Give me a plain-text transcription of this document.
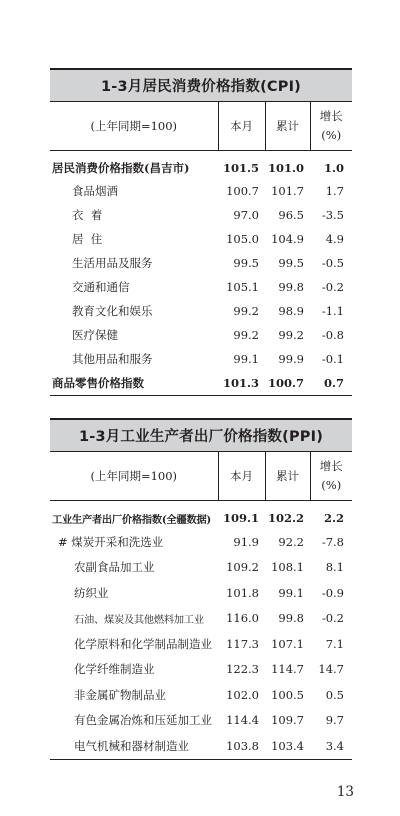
1-3月居民消费价格指数(CPI)
(上年同期=100)	本月	累计	增长
(%)
居民消费价格指数(昌吉市)	101.5	101.0	1.0
食品烟酒	100.7	101.7	1.7
衣  着	97.0	96.5	-3.5
居  住	105.0	104.9	4.9
生活用品及服务	99.5	99.5	-0.5
交通和通信	105.1	99.8	-0.2
教育文化和娱乐	99.2	98.9	-1.1
医疗保健	99.2	99.2	-0.8
其他用品和服务	99.1	99.9	-0.1
商品零售价格指数	101.3	100.7	0.7
1-3月工业生产者出厂价格指数(PPI)
(上年同期=100)	本月	累计	增长
(%)
工业生产者出厂价格指数(全疆数据)	109.1	102.2	2.2
# 煤炭开采和洗选业	91.9	92.2	-7.8
农副食品加工业	109.2	108.1	8.1
纺织业	101.8	99.1	-0.9
石油、煤炭及其他燃料加工业	116.0	99.8	-0.2
化学原料和化学制品制造业	117.3	107.1	7.1
化学纤维制造业	122.3	114.7	14.7
非金属矿物制品业	102.0	100.5	0.5
有色金属冶炼和压延加工业	114.4	109.7	9.7
电气机械和器材制造业	103.8	103.4	3.4
13
